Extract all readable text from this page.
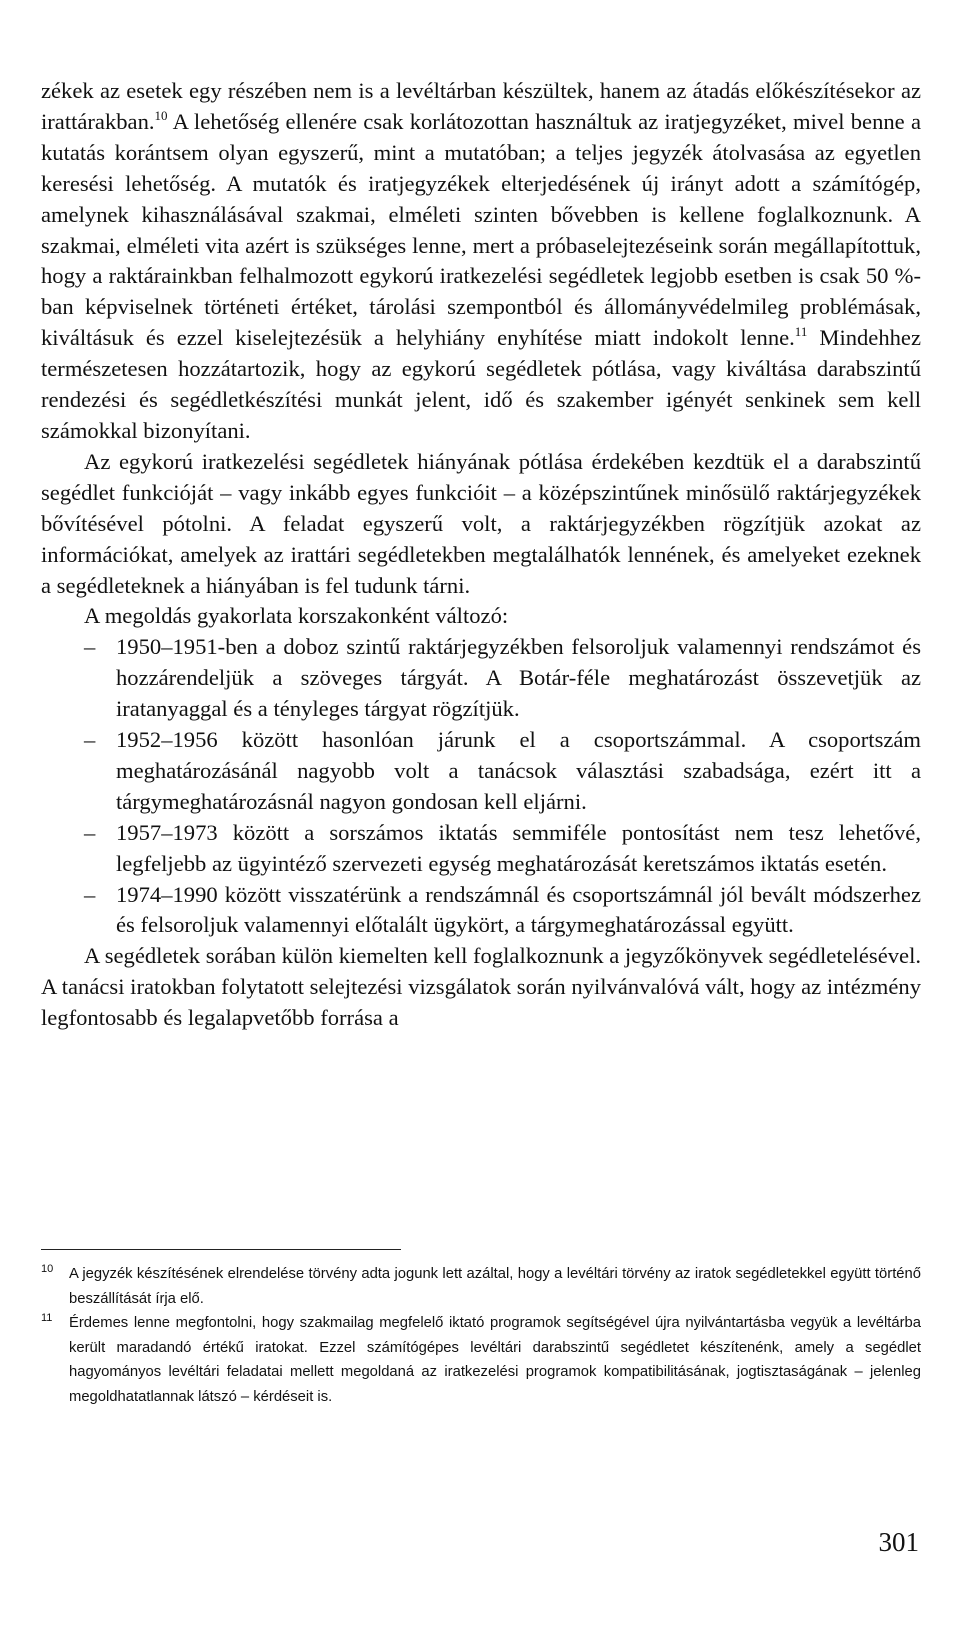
zékek az esetek egy részében nem is a levéltárban készültek, hanem az átadás előkészítésekor az irattárakban.$^{10}$ A lehetőség ellenére csak korlátozottan használtuk az iratjegyzéket, mivel benne a kutatás korántsem olyan egyszerű, mint a mutatóban; a teljes jegyzék átolvasása az egyetlen keresési lehetőség. A mutatók és iratjegyzékek elterjedésének új irányt adott a számítógép, amelynek kihasználásával szakmai, elméleti szinten bővebben is kellene foglalkoznunk. A szakmai, elméleti vita azért is szükséges lenne, mert a próbaselejtezéseink során megállapítottuk, hogy a raktárainkban felhalmozott egykorú iratkezelési segédletek legjobb esetben is csak 50 %-ban képviselnek történeti értéket, tárolási szempontból és állományvédelmileg problémásak, kiváltásuk és ezzel kiselejtezésük a helyhiány enyhítése miatt indokolt lenne.$^{11}$ Mindehhez természetesen hozzátartozik, hogy az egykorú segédletek pótlása, vagy kiváltása darabszintű rendezési és segédletkészítési munkát jelent, idő és szakember igényét senkinek sem kell számokkal bizonyítani.

Az egykorú iratkezelési segédletek hiányának pótlása érdekében kezdtük el a darabszintű segédlet funkcióját – vagy inkább egyes funkcióit – a középszintűnek minősülő raktárjegyzékek bővítésével pótolni. A feladat egyszerű volt, a raktárjegyzékben rögzítjük azokat az információkat, amelyek az irattári segédletekben megtalálhatók lennének, és amelyeket ezeknek a segédleteknek a hiányában is fel tudunk tárni.

A megoldás gyakorlata korszakonként változó:

– 1950–1951-ben a doboz szintű raktárjegyzékben felsoroljuk valamennyi rendszámot és hozzárendeljük a szöveges tárgyát. A Botár-féle meghatározást összevetjük az iratanyaggal és a tényleges tárgyat rögzítjük.
– 1952–1956 között hasonlóan járunk el a csoportszámmal. A csoportszám meghatározásánál nagyobb volt a tanácsok választási szabadsága, ezért itt a tárgymeghatározásnál nagyon gondosan kell eljárni.
– 1957–1973 között a sorszámos iktatás semmiféle pontosítást nem tesz lehetővé, legfeljebb az ügyintéző szervezeti egység meghatározását keretszámos iktatás esetén.
– 1974–1990 között visszatérünk a rendszámnál és csoportszámnál jól bevált módszerhez és felsoroljuk valamennyi előtalált ügykört, a tárgymeghatározással együtt.

A segédletek sorában külön kiemelten kell foglalkoznunk a jegyzőkönyvek segédletelésével. A tanácsi iratokban folytatott selejtezési vizsgálatok során nyilvánvalóvá vált, hogy az intézmény legfontosabb és legalapvetőbb forrása a

10 A jegyzék készítésének elrendelése törvény adta jogunk lett azáltal, hogy a levéltári törvény az iratok segédletekkel együtt történő beszállítását írja elő.

11 Érdemes lenne megfontolni, hogy szakmailag megfelelő iktató programok segítségével újra nyilvántartásba vegyük a levéltárba került maradandó értékű iratokat. Ezzel számítógépes levéltári darabszintű segédletet készítenénk, amely a segédlet hagyományos levéltári feladatai mellett megoldaná az iratkezelési programok kompatibilitásának, jogtisztaságának – jelenleg megoldhatatlannak látszó – kérdéseit is.

301
